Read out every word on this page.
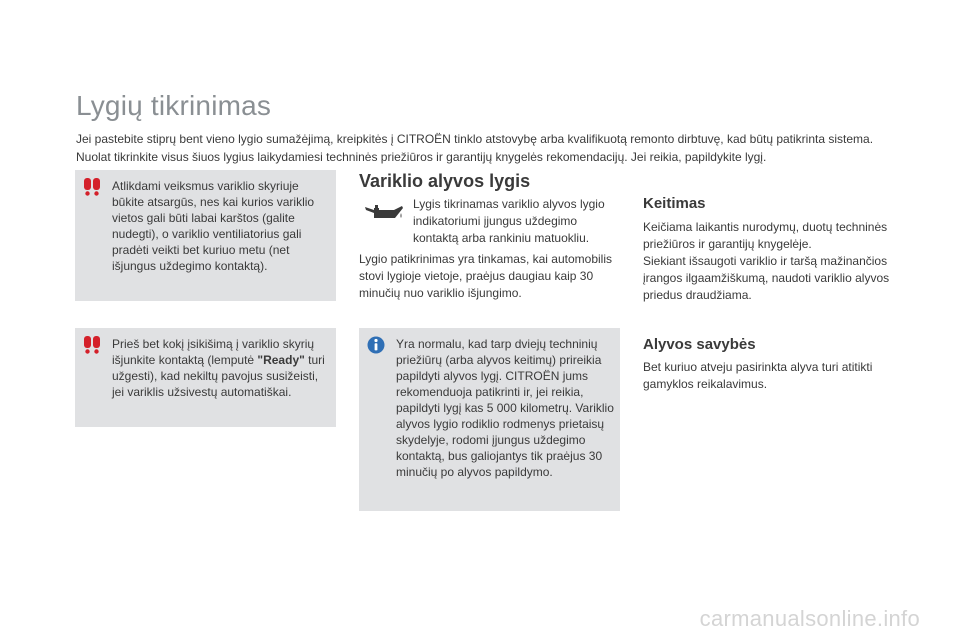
Lygių tikrinimas
Jei pastebite stiprų bent vieno lygio sumažėjimą, kreipkitės į CITROËN tinklo atstovybę arba kvalifikuotą remonto dirbtuvę, kad būtų patikrinta sistema.
Nuolat tikrinkite visus šiuos lygius laikydamiesi techninės priežiūros ir garantijų knygelės rekomendacijų. Jei reikia, papildykite lygį.
Atlikdami veiksmus variklio skyriuje būkite atsargūs, nes kai kurios variklio vietos gali būti labai karštos (galite nudegti), o variklio ventiliatorius gali pradėti veikti bet kuriuo metu (net išjungus uždegimo kontaktą).
Prieš bet kokį įsikišimą į variklio skyrių išjunkite kontaktą (lemputė "Ready" turi užgesti), kad nekiltų pavojus susižeisti, jei variklis užsivestų automatiškai.
Variklio alyvos lygis
Lygis tikrinamas variklio alyvos lygio indikatoriumi įjungus uždegimo kontaktą arba rankiniu matuokliu.
Lygio patikrinimas yra tinkamas, kai automobilis stovi lygioje vietoje, praėjus daugiau kaip 30 minučių nuo variklio išjungimo.
Yra normalu, kad tarp dviejų techninių priežiūrų (arba alyvos keitimų) prireikia papildyti alyvos lygį. CITROËN jums rekomenduoja patikrinti ir, jei reikia, papildyti lygį kas 5 000 kilometrų. Variklio alyvos lygio rodiklio rodmenys prietaisų skydelyje, rodomi įjungus uždegimo kontaktą, bus galiojantys tik praėjus 30 minučių po alyvos papildymo.
Keitimas
Keičiama laikantis nurodymų, duotų techninės priežiūros ir garantijų knygelėje.
Siekiant išsaugoti variklio ir taršą mažinančios įrangos ilgaamžiškumą, naudoti variklio alyvos priedus draudžiama.
Alyvos savybės
Bet kuriuo atveju pasirinkta alyva turi atitikti gamyklos reikalavimus.
carmanualsonline.info
